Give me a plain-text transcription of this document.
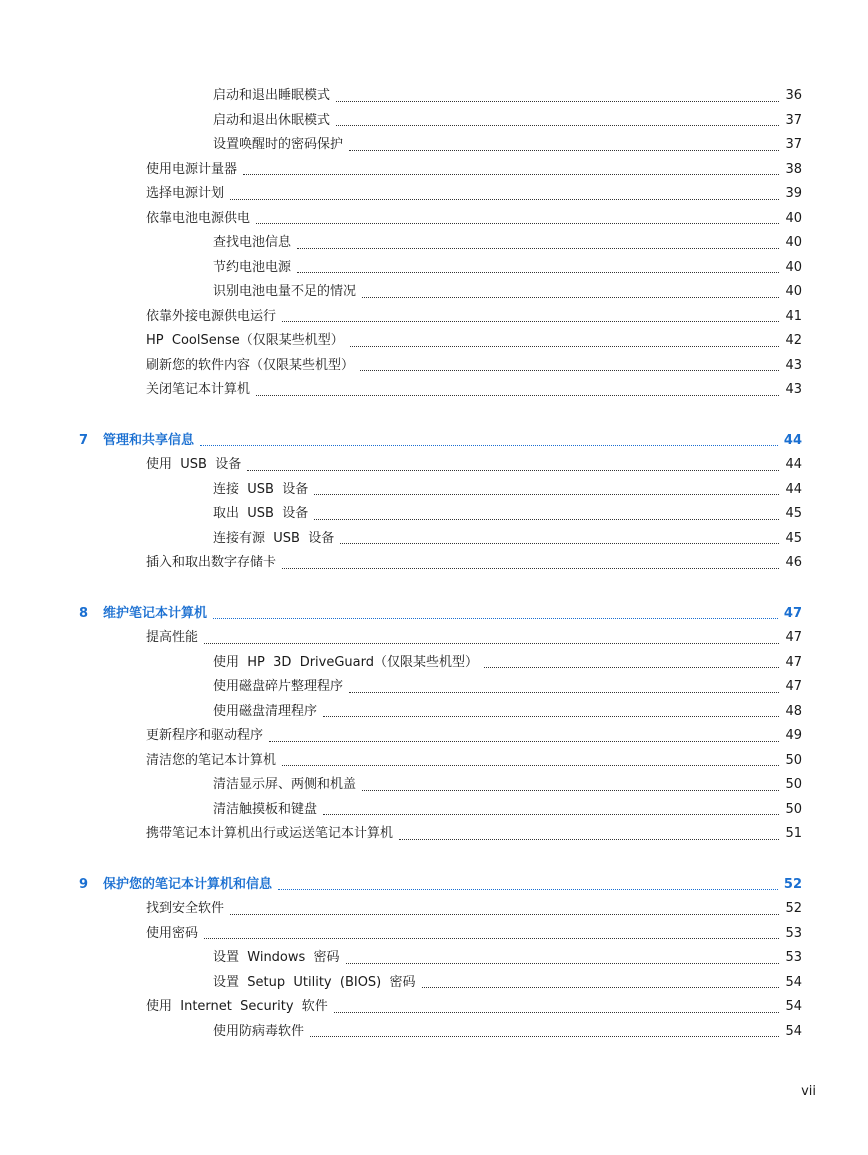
启动和退出睡眠模式	36
启动和退出休眠模式	37
设置唤醒时的密码保护	37
使用电源计量器	38
选择电源计划	39
依靠电池电源供电	40
查找电池信息	40
节约电池电源	40
识别电池电量不足的情况	40
依靠外接电源供电运行	41
HP  CoolSense（仅限某些机型）	42
刷新您的软件内容（仅限某些机型）	43
关闭笔记本计算机	43
7	管理和共享信息	44
使用  USB  设备	44
连接  USB  设备	44
取出  USB  设备	45
连接有源  USB  设备	45
插入和取出数字存储卡	46
8	维护笔记本计算机	47
提高性能	47
使用  HP  3D  DriveGuard（仅限某些机型）	47
使用磁盘碎片整理程序	47
使用磁盘清理程序	48
更新程序和驱动程序	49
清洁您的笔记本计算机	50
清洁显示屏、两侧和机盖	50
清洁触摸板和键盘	50
携带笔记本计算机出行或运送笔记本计算机	51
9	保护您的笔记本计算机和信息	52
找到安全软件	52
使用密码	53
设置  Windows  密码	53
设置  Setup  Utility  (BIOS)  密码	54
使用  Internet  Security  软件	54
使用防病毒软件	54
vii
